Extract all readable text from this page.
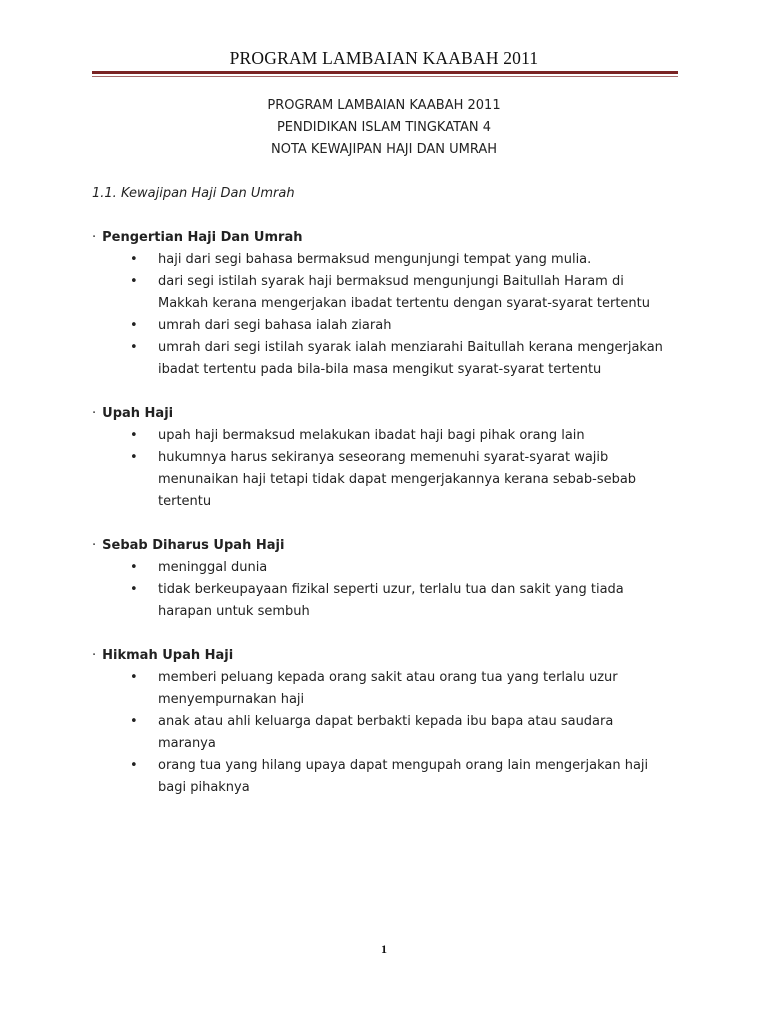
PROGRAM LAMBAIAN KAABAH 2011
PROGRAM LAMBAIAN KAABAH 2011
PENDIDIKAN ISLAM TINGKATAN 4
NOTA KEWAJIPAN HAJI DAN UMRAH
1.1. Kewajipan Haji Dan Umrah
· Pengertian Haji Dan Umrah
• haji dari segi bahasa bermaksud mengunjungi tempat yang mulia.
• dari segi istilah syarak haji bermaksud mengunjungi Baitullah Haram di Makkah kerana mengerjakan ibadat tertentu dengan syarat-syarat tertentu
• umrah dari segi bahasa ialah ziarah
• umrah dari segi istilah syarak ialah menziarahi Baitullah kerana mengerjakan ibadat tertentu pada bila-bila masa mengikut syarat-syarat tertentu
· Upah Haji
• upah haji bermaksud melakukan ibadat haji bagi pihak orang lain
• hukumnya harus sekiranya seseorang memenuhi syarat-syarat wajib menunaikan haji tetapi tidak dapat mengerjakannya kerana sebab-sebab tertentu
· Sebab Diharus Upah Haji
• meninggal dunia
• tidak berkeupayaan fizikal seperti uzur, terlalu tua dan sakit yang tiada harapan untuk sembuh
· Hikmah Upah Haji
• memberi peluang kepada orang sakit atau orang tua yang terlalu uzur menyempurnakan haji
• anak atau ahli keluarga dapat berbakti kepada ibu bapa atau saudara maranya
• orang tua yang hilang upaya dapat mengupah orang lain mengerjakan haji bagi pihaknya
1
